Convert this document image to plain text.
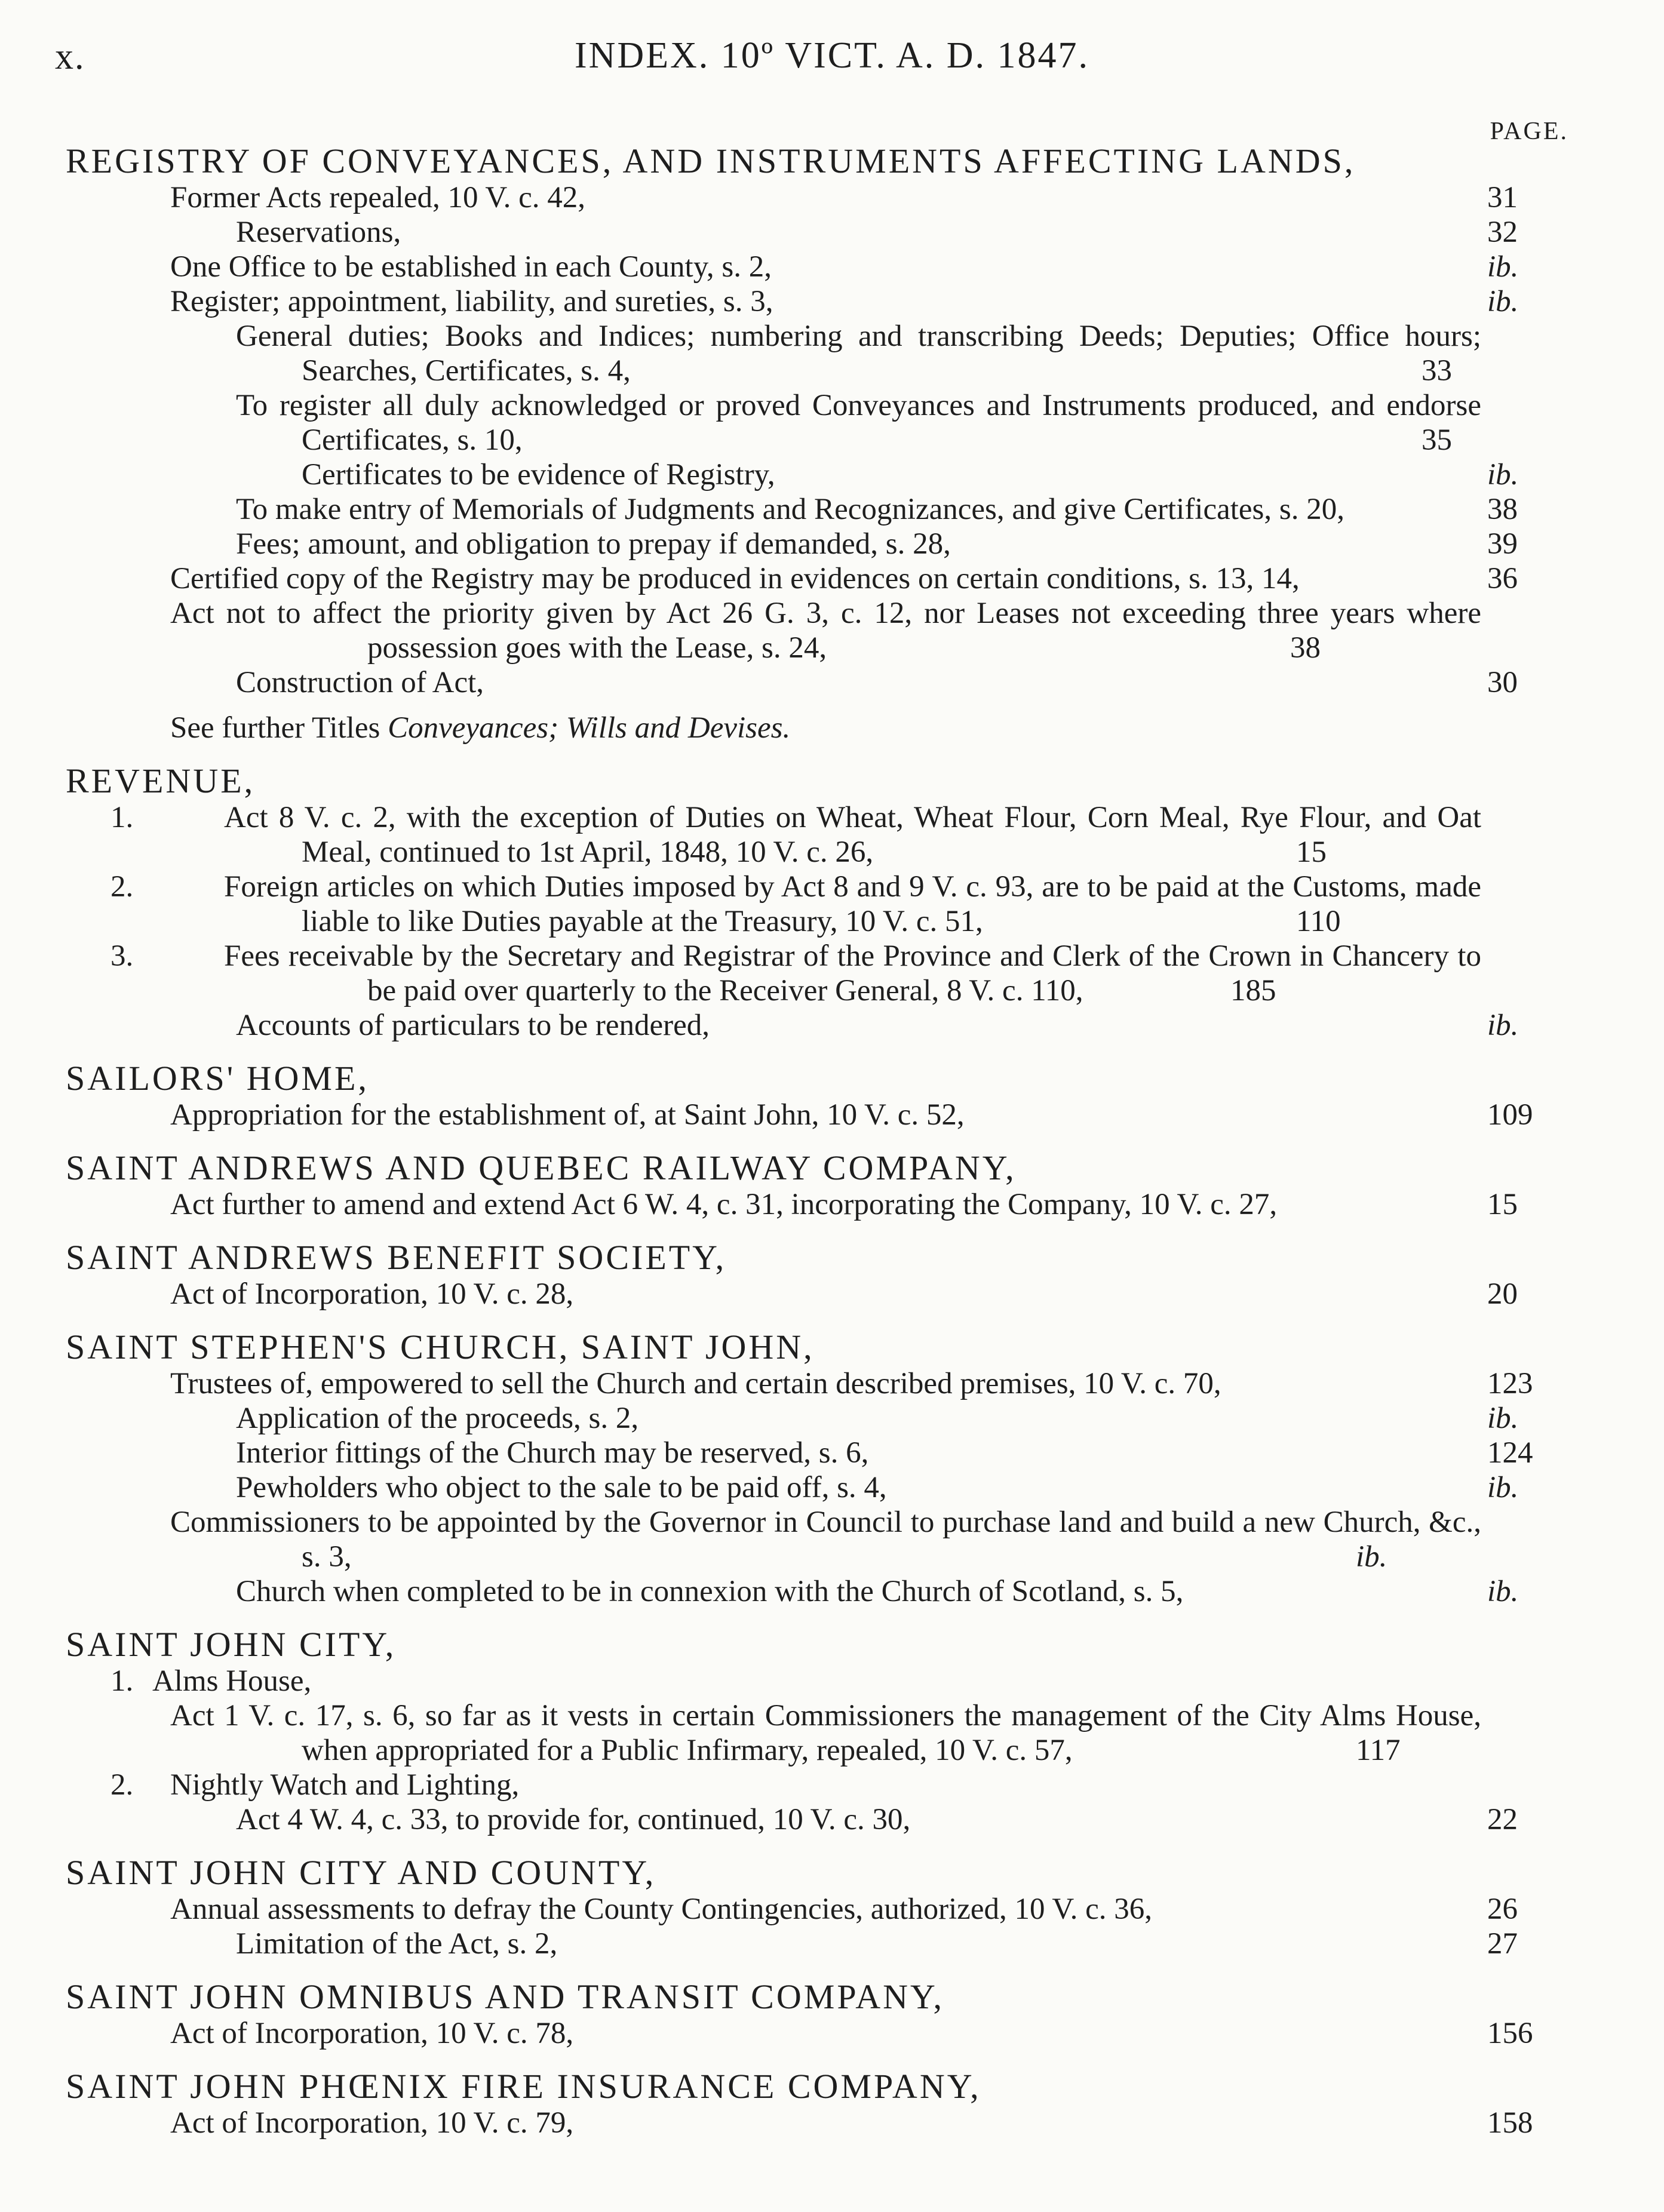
x.	INDEX. 10º VICT. A. D. 1847.
PAGE.
REGISTRY OF CONVEYANCES, AND INSTRUMENTS AFFECTING LANDS,
Former Acts repealed, 10 V. c. 42,	31
Reservations,	32
One Office to be established in each County, s. 2,	ib.
Register; appointment, liability, and sureties, s. 3,	ib.
General duties; Books and Indices; numbering and transcribing Deeds; Deputies; Office hours; Searches, Certificates, s. 4,	33
To register all duly acknowledged or proved Conveyances and Instruments produced, and endorse Certificates, s. 10,	35
Certificates to be evidence of Registry,	ib.
To make entry of Memorials of Judgments and Recognizances, and give Certificates, s. 20,	38
Fees; amount, and obligation to prepay if demanded, s. 28,	39
Certified copy of the Registry may be produced in evidences on certain conditions, s. 13, 14,	36
Act not to affect the priority given by Act 26 G. 3, c. 12, nor Leases not exceeding three years where possession goes with the Lease, s. 24,	38
Construction of Act,	30
See further Titles Conveyances; Wills and Devises.
REVENUE,
1.	Act 8 V. c. 2, with the exception of Duties on Wheat, Wheat Flour, Corn Meal, Rye Flour, and Oat Meal, continued to 1st April, 1848, 10 V. c. 26,	15
2.	Foreign articles on which Duties imposed by Act 8 and 9 V. c. 93, are to be paid at the Customs, made liable to like Duties payable at the Treasury, 10 V. c. 51,	110
3.	Fees receivable by the Secretary and Registrar of the Province and Clerk of the Crown in Chancery to be paid over quarterly to the Receiver General, 8 V. c. 110,	185
Accounts of particulars to be rendered,	ib.
SAILORS' HOME,
Appropriation for the establishment of, at Saint John, 10 V. c. 52,	109
SAINT ANDREWS AND QUEBEC RAILWAY COMPANY,
Act further to amend and extend Act 6 W. 4, c. 31, incorporating the Company, 10 V. c. 27,	15
SAINT ANDREWS BENEFIT SOCIETY,
Act of Incorporation, 10 V. c. 28,	20
SAINT STEPHEN'S CHURCH, SAINT JOHN,
Trustees of, empowered to sell the Church and certain described premises, 10 V. c. 70,	123
Application of the proceeds, s. 2,	ib.
Interior fittings of the Church may be reserved, s. 6,	124
Pewholders who object to the sale to be paid off, s. 4,	ib.
Commissioners to be appointed by the Governor in Council to purchase land and build a new Church, &c., s. 3,	ib.
Church when completed to be in connexion with the Church of Scotland, s. 5,	ib.
SAINT JOHN CITY,
1. Alms House,
Act 1 V. c. 17, s. 6, so far as it vests in certain Commissioners the management of the City Alms House, when appropriated for a Public Infirmary, repealed, 10 V. c. 57,	117
2. Nightly Watch and Lighting,
Act 4 W. 4, c. 33, to provide for, continued, 10 V. c. 30,	22
SAINT JOHN CITY AND COUNTY,
Annual assessments to defray the County Contingencies, authorized, 10 V. c. 36,	26
Limitation of the Act, s. 2,	27
SAINT JOHN OMNIBUS AND TRANSIT COMPANY,
Act of Incorporation, 10 V. c. 78,	156
SAINT JOHN PHŒNIX FIRE INSURANCE COMPANY,
Act of Incorporation, 10 V. c. 79,	158
